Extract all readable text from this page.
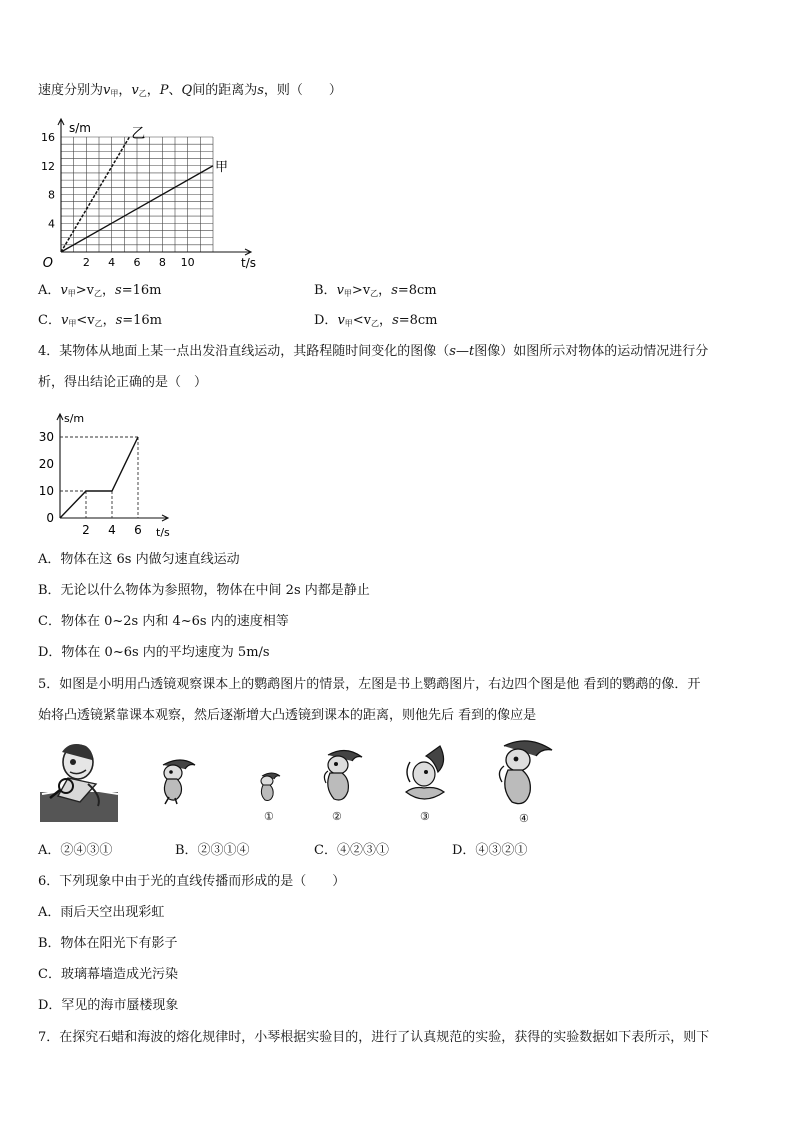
速度分别为$v_甲$，$v_乙$，P、Q间的距离为s，则（　　）
2 4 6 8 10
4
8
12
16
O
s/m
t/s
乙
甲
A．$v_甲>v_乙$，s=16m	B．$v_甲>v_乙$，s=8cm
C．$v_甲<v_乙$，s=16m	D．$v_甲<v_乙$，s=8cm
4．某物体从地面上某一点出发沿直线运动，其路程随时间变化的图像（s—t图像）如图所示对物体的运动情况进行分
析，得出结论正确的是（　）
2 4 6
0
10
20
30
s/m
t/s
A．物体在这 6s 内做匀速直线运动
B．无论以什么物体为参照物，物体在中间 2s 内都是静止
C．物体在 0~2s 内和 4~6s 内的速度相等
D．物体在 0~6s 内的平均速度为 5m/s
5．如图是小明用凸透镜观察课本上的鹦鹉图片的情景，左图是书上鹦鹉图片，右边四个图是他 看到的鹦鹉的像．开
始将凸透镜紧靠课本观察，然后逐渐增大凸透镜到课本的距离，则他先后 看到的像应是
①	②	③	④
A．②④③①	B．②③①④	C．④②③①	D．④③②①
6．下列现象中由于光的直线传播而形成的是（　　）
A．雨后天空出现彩虹
B．物体在阳光下有影子
C．玻璃幕墙造成光污染
D．罕见的海市蜃楼现象
7．在探究石蜡和海波的熔化规律时，小琴根据实验目的，进行了认真规范的实验，获得的实验数据如下表所示，则下
